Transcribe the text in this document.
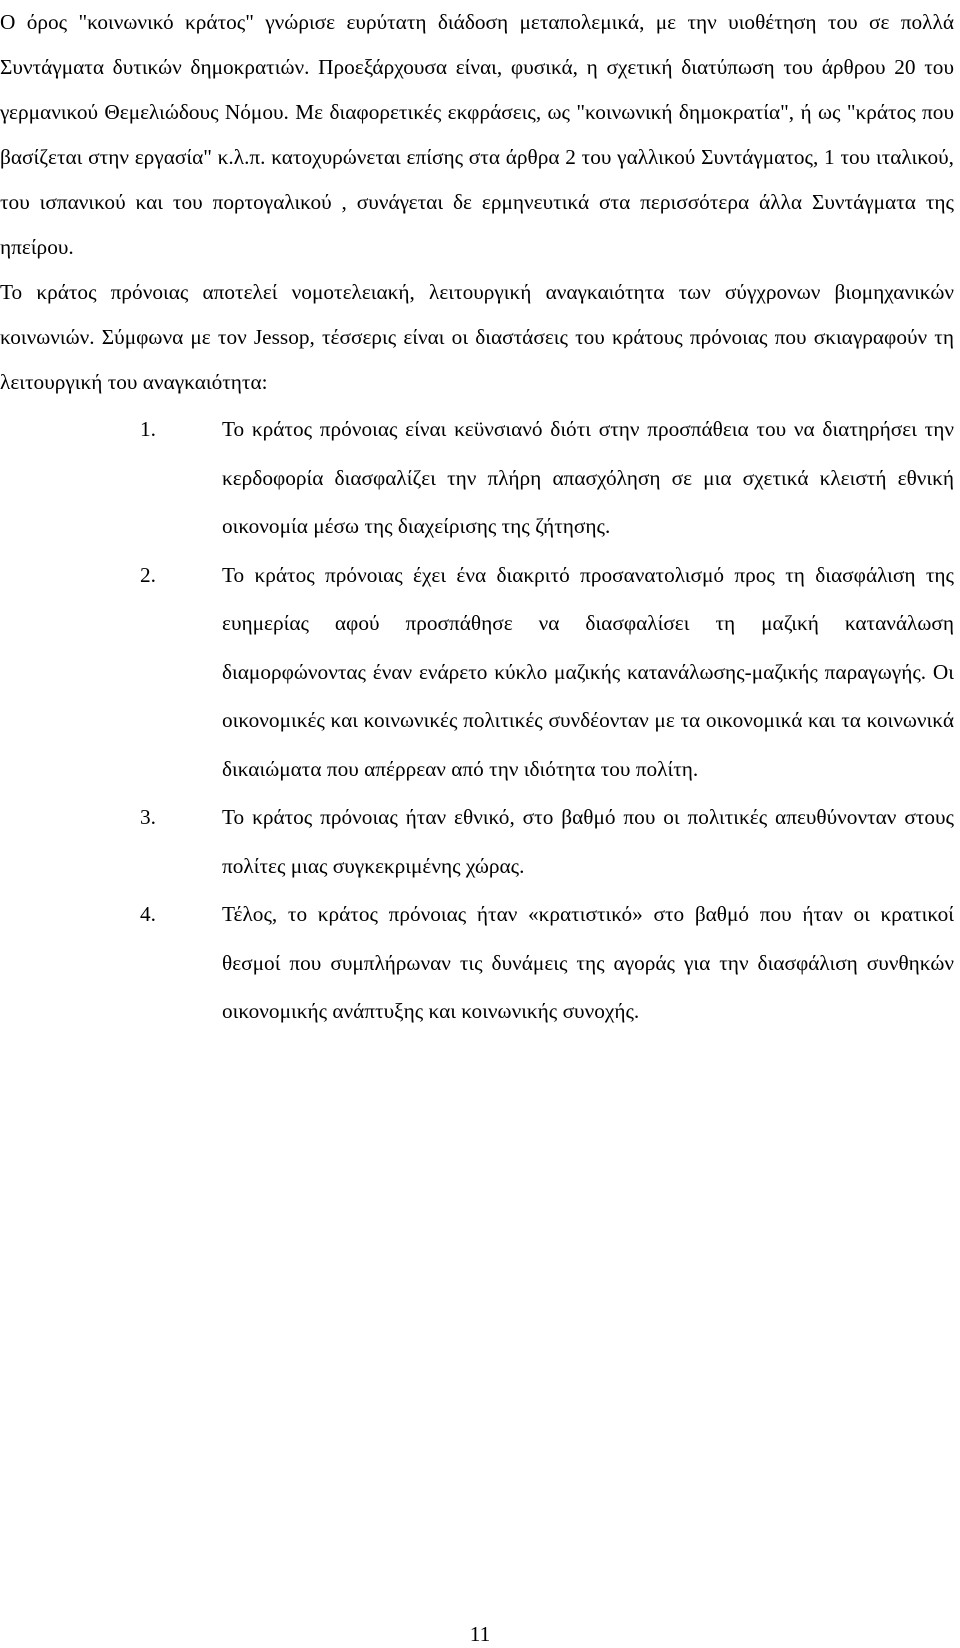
Ο όρος "κοινωνικό κράτος" γνώρισε ευρύτατη διάδοση μεταπολεμικά, με την υιοθέτηση του σε πολλά Συντάγματα δυτικών δημοκρατιών. Προεξάρχουσα είναι, φυσικά, η σχετική διατύπωση του άρθρου 20 του γερμανικού Θεμελιώδους Νόμου. Με διαφορετικές εκφράσεις, ως "κοινωνική δημοκρατία", ή ως "κράτος που βασίζεται στην εργασία" κ.λ.π. κατοχυρώνεται επίσης στα άρθρα 2 του γαλλικού Συντάγματος, 1 του ιταλικού, του ισπανικού και του πορτογαλικού , συνάγεται δε ερμηνευτικά στα περισσότερα άλλα Συντάγματα της ηπείρου.

Το κράτος πρόνοιας αποτελεί νομοτελειακή, λειτουργική αναγκαιότητα των σύγχρονων βιομηχανικών κοινωνιών. Σύμφωνα με τον Jessop, τέσσερις είναι οι διαστάσεις του κράτους πρόνοιας που σκιαγραφούν τη λειτουργική του αναγκαιότητα:

1.	Το κράτος πρόνοιας είναι κεϋνσιανό διότι στην προσπάθεια του να διατηρήσει την κερδοφορία διασφαλίζει την πλήρη απασχόληση σε μια σχετικά κλειστή εθνική οικονομία μέσω της διαχείρισης της ζήτησης.
2.	Το κράτος πρόνοιας έχει ένα διακριτό προσανατολισμό προς τη διασφάλιση της ευημερίας αφού προσπάθησε να διασφαλίσει τη μαζική κατανάλωση διαμορφώνοντας έναν ενάρετο κύκλο μαζικής κατανάλωσης-μαζικής παραγωγής. Οι οικονομικές και κοινωνικές πολιτικές συνδέονταν με τα οικονομικά και τα κοινωνικά δικαιώματα που απέρρεαν από την ιδιότητα του πολίτη.
3.	Το κράτος πρόνοιας ήταν εθνικό, στο βαθμό που οι πολιτικές απευθύνονταν στους πολίτες μιας συγκεκριμένης χώρας.
4.	Τέλος, το κράτος πρόνοιας ήταν «κρατιστικό» στο βαθμό που ήταν οι κρατικοί θεσμοί που συμπλήρωναν τις δυνάμεις της αγοράς για την διασφάλιση συνθηκών οικονομικής ανάπτυξης και κοινωνικής συνοχής.
11
